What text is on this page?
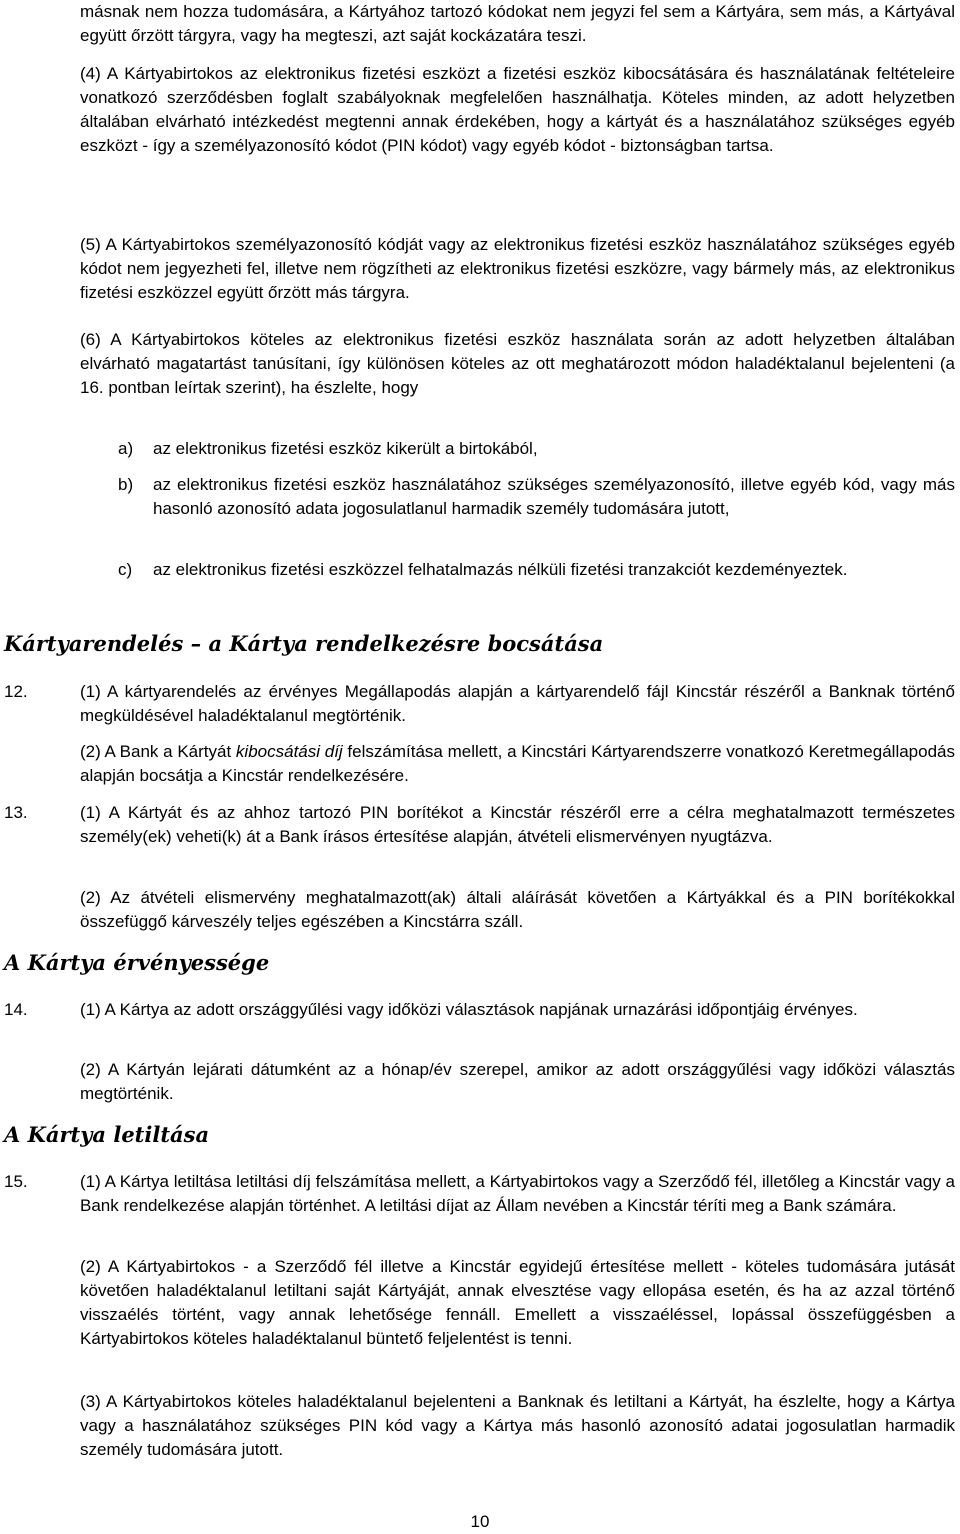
másnak nem hozza tudomására, a Kártyához tartozó kódokat nem jegyzi fel sem a Kártyára, sem más, a Kártyával együtt őrzött tárgyra, vagy ha megteszi, azt saját kockázatára teszi.

(4) A Kártyabirtokos az elektronikus fizetési eszközt a fizetési eszköz kibocsátására és használatának feltételeire vonatkozó szerződésben foglalt szabályoknak megfelelően használhatja. Köteles minden, az adott helyzetben általában elvárható intézkedést megtenni annak érdekében, hogy a kártyát és a használatához szükséges egyéb eszközt - így a személyazonosító kódot (PIN kódot) vagy egyéb kódot - biztonságban tartsa.

(5) A Kártyabirtokos személyazonosító kódját vagy az elektronikus fizetési eszköz használatához szükséges egyéb kódot nem jegyezheti fel, illetve nem rögzítheti az elektronikus fizetési eszközre, vagy bármely más, az elektronikus fizetési eszközzel együtt őrzött más tárgyra.

(6) A Kártyabirtokos köteles az elektronikus fizetési eszköz használata során az adott helyzetben általában elvárható magatartást tanúsítani, így különösen köteles az ott meghatározott módon haladéktalanul bejelenteni (a 16. pontban leírtak szerint), ha észlelte, hogy

a) az elektronikus fizetési eszköz kikerült a birtokából,

b) az elektronikus fizetési eszköz használatához szükséges személyazonosító, illetve egyéb kód, vagy más hasonló azonosító adata jogosulatlanul harmadik személy tudomására jutott,

c) az elektronikus fizetési eszközzel felhatalmazás nélküli fizetési tranzakciót kezdeményeztek.

Kártyarendelés – a Kártya rendelkezésre bocsátása

12.	(1) A kártyarendelés az érvényes Megállapodás alapján a kártyarendelő fájl Kincstár részéről a Banknak történő megküldésével haladéktalanul megtörténik.

(2) A Bank a Kártyát kibocsátási díj felszámítása mellett, a Kincstári Kártyarendszerre vonatkozó Keretmegállapodás alapján bocsátja a Kincstár rendelkezésére.

13.	(1) A Kártyát és az ahhoz tartozó PIN borítékot a Kincstár részéről erre a célra meghatalmazott természetes személy(ek) veheti(k) át a Bank írásos értesítése alapján, átvételi elismervényen nyugtázva.

(2) Az átvételi elismervény meghatalmazott(ak) általi aláírását követően a Kártyákkal és a PIN borítékokkal összefüggő kárveszély teljes egészében a Kincstárra száll.

A Kártya érvényessége

14.	(1) A Kártya az adott országgyűlési vagy időközi választások napjának urnazárási időpontjáig érvényes.

(2) A Kártyán lejárati dátumként az a hónap/év szerepel, amikor az adott országgyűlési vagy időközi választás megtörténik.

A Kártya letiltása

15.	(1) A Kártya letiltása letiltási díj felszámítása mellett, a Kártyabirtokos vagy a Szerződő fél, illetőleg a Kincstár vagy a Bank rendelkezése alapján történhet. A letiltási díjat az Állam nevében a Kincstár téríti meg a Bank számára.

(2) A Kártyabirtokos - a Szerződő fél illetve a Kincstár egyidejű értesítése mellett - köteles tudomására jutását követően haladéktalanul letiltani saját Kártyáját, annak elvesztése vagy ellopása esetén, és ha az azzal történő visszaélés történt, vagy annak lehetősége fennáll. Emellett a visszaéléssel, lopással összefüggésben a Kártyabirtokos köteles haladéktalanul büntető feljelentést is tenni.

(3) A Kártyabirtokos köteles haladéktalanul bejelenteni a Banknak és letiltani a Kártyát, ha észlelte, hogy a Kártya vagy a használatához szükséges PIN kód vagy a Kártya más hasonló azonosító adatai jogosulatlan harmadik személy tudomására jutott.

10
